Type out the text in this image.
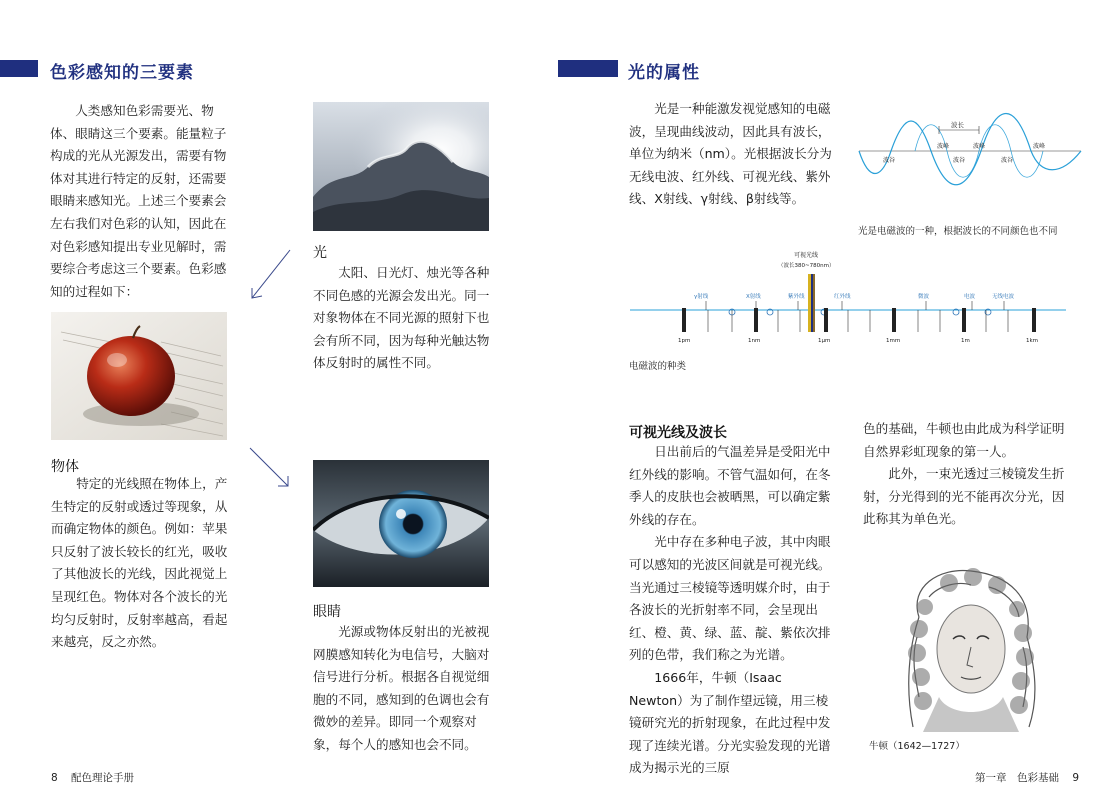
色彩感知的三要素

人类感知色彩需要光、物体、眼睛这三个要素。能量粒子构成的光从光源发出，需要有物体对其进行特定的反射，还需要眼睛来感知光。上述三个要素会左右我们对色彩的认知，因此在对色彩感知提出专业见解时，需要综合考虑这三个要素。色彩感知的过程如下：

光

太阳、日光灯、烛光等各种不同色感的光源会发出光。同一对象物体在不同光源的照射下也会有所不同，因为每种光触达物体反射时的属性不同。

物体

特定的光线照在物体上，产生特定的反射或透过等现象，从而确定物体的颜色。例如：苹果只反射了波长较长的红光，吸收了其他波长的光线，因此视觉上呈现红色。物体对各个波长的光均匀反射时，反射率越高，看起来越亮，反之亦然。

眼睛

光源或物体反射出的光被视网膜感知转化为电信号，大脑对信号进行分析。根据各自视觉细胞的不同，感知到的色调也会有微妙的差异。即同一个观察对象，每个人的感知也会不同。

8 配色理论手册
光的属性

光是一种能激发视觉感知的电磁波，呈现曲线波动，因此具有波长，单位为纳米（nm）。光根据波长分为无线电波、红外线、可视光线、紫外线、X射线、γ射线、β射线等。

波长
波峰	波峰	波峰
波谷	波谷	波谷
光是电磁波的一种，根据波长的不同颜色也不同
可视光线
（波长380~780nm）
γ射线	X射线	紫外线	红外线	微波	电波	无线电波
1pm	1nm	1μm	1mm	1m	1km
电磁波的种类
可视光线及波长

日出前后的气温差异是受阳光中红外线的影响。不管气温如何，在冬季人的皮肤也会被晒黑，可以确定紫外线的存在。

光中存在多种电子波，其中肉眼可以感知的光波区间就是可视光线。当光通过三棱镜等透明媒介时，由于各波长的光折射率不同，会呈现出红、橙、黄、绿、蓝、靛、紫依次排列的色带，我们称之为光谱。

1666年，牛顿（Isaac Newton）为了制作望远镜，用三棱镜研究光的折射现象，在此过程中发现了连续光谱。分光实验发现的光谱成为揭示光的三原

色的基础，牛顿也由此成为科学证明自然界彩虹现象的第一人。

此外，一束光透过三棱镜发生折射，分光得到的光不能再次分光，因此称其为单色光。

牛顿（1642—1727）
第一章　色彩基础 9
